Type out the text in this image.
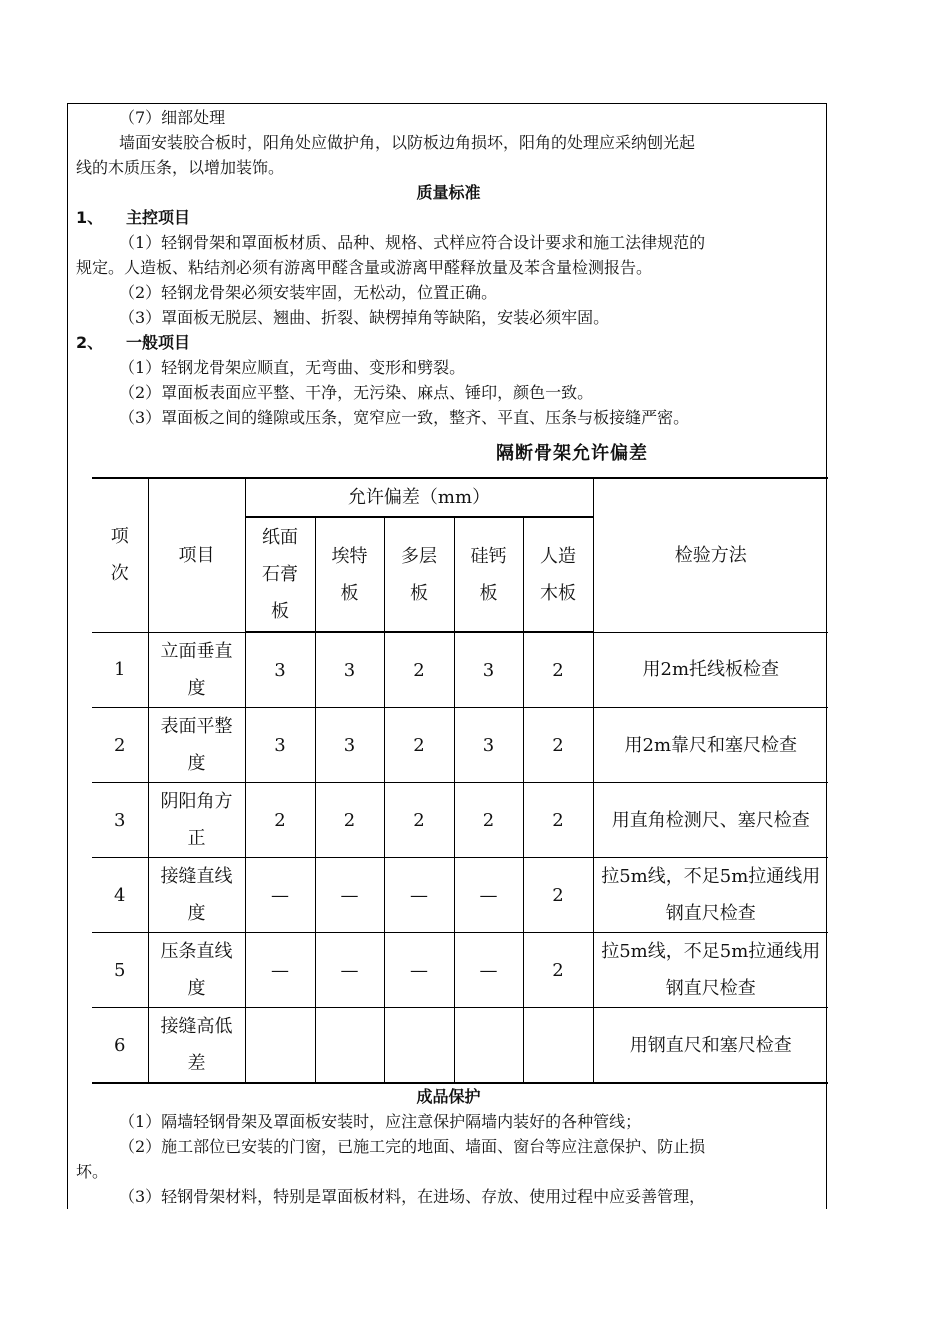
（7）细部处理
墙面安装胶合板时，阳角处应做护角，以防板边角损坏，阳角的处理应采纳刨光起
线的木质压条，以增加装饰。
质量标准
1、 主控项目
（1）轻钢骨架和罩面板材质、品种、规格、式样应符合设计要求和施工法律规范的
规定。人造板、粘结剂必须有游离甲醛含量或游离甲醛释放量及苯含量检测报告。
（2）轻钢龙骨架必须安装牢固，无松动，位置正确。
（3）罩面板无脱层、翘曲、折裂、缺楞掉角等缺陷，安装必须牢固。
2、 一般项目
（1）轻钢龙骨架应顺直，无弯曲、变形和劈裂。
（2）罩面板表面应平整、干净，无污染、麻点、锤印，颜色一致。
（3）罩面板之间的缝隙或压条，宽窄应一致，整齐、平直、压条与板接缝严密。
隔断骨架允许偏差
项次	项目	允许偏差（mm）					检验方法

		纸面石膏板	埃特板	多层板	硅钙板	人造木板	

1	立面垂直度	3	3	2	3	2	用2m托线板检查

2	表面平整度	3	3	2	3	2	用2m靠尺和塞尺检查

3	阴阳角方正	2	2	2	2	2	用直角检测尺、塞尺检查

4	接缝直线度	—	—	—	—	2	拉5m线，不足5m拉通线用钢直尺检查

5	压条直线度	—	—	—	—	2	拉5m线，不足5m拉通线用钢直尺检查

6	接缝高低差						用钢直尺和塞尺检查
成品保护
（1）隔墙轻钢骨架及罩面板安装时，应注意保护隔墙内装好的各种管线；
（2）施工部位已安装的门窗，已施工完的地面、墙面、窗台等应注意保护、防止损
坏。
（3）轻钢骨架材料，特别是罩面板材料，在进场、存放、使用过程中应妥善管理，
